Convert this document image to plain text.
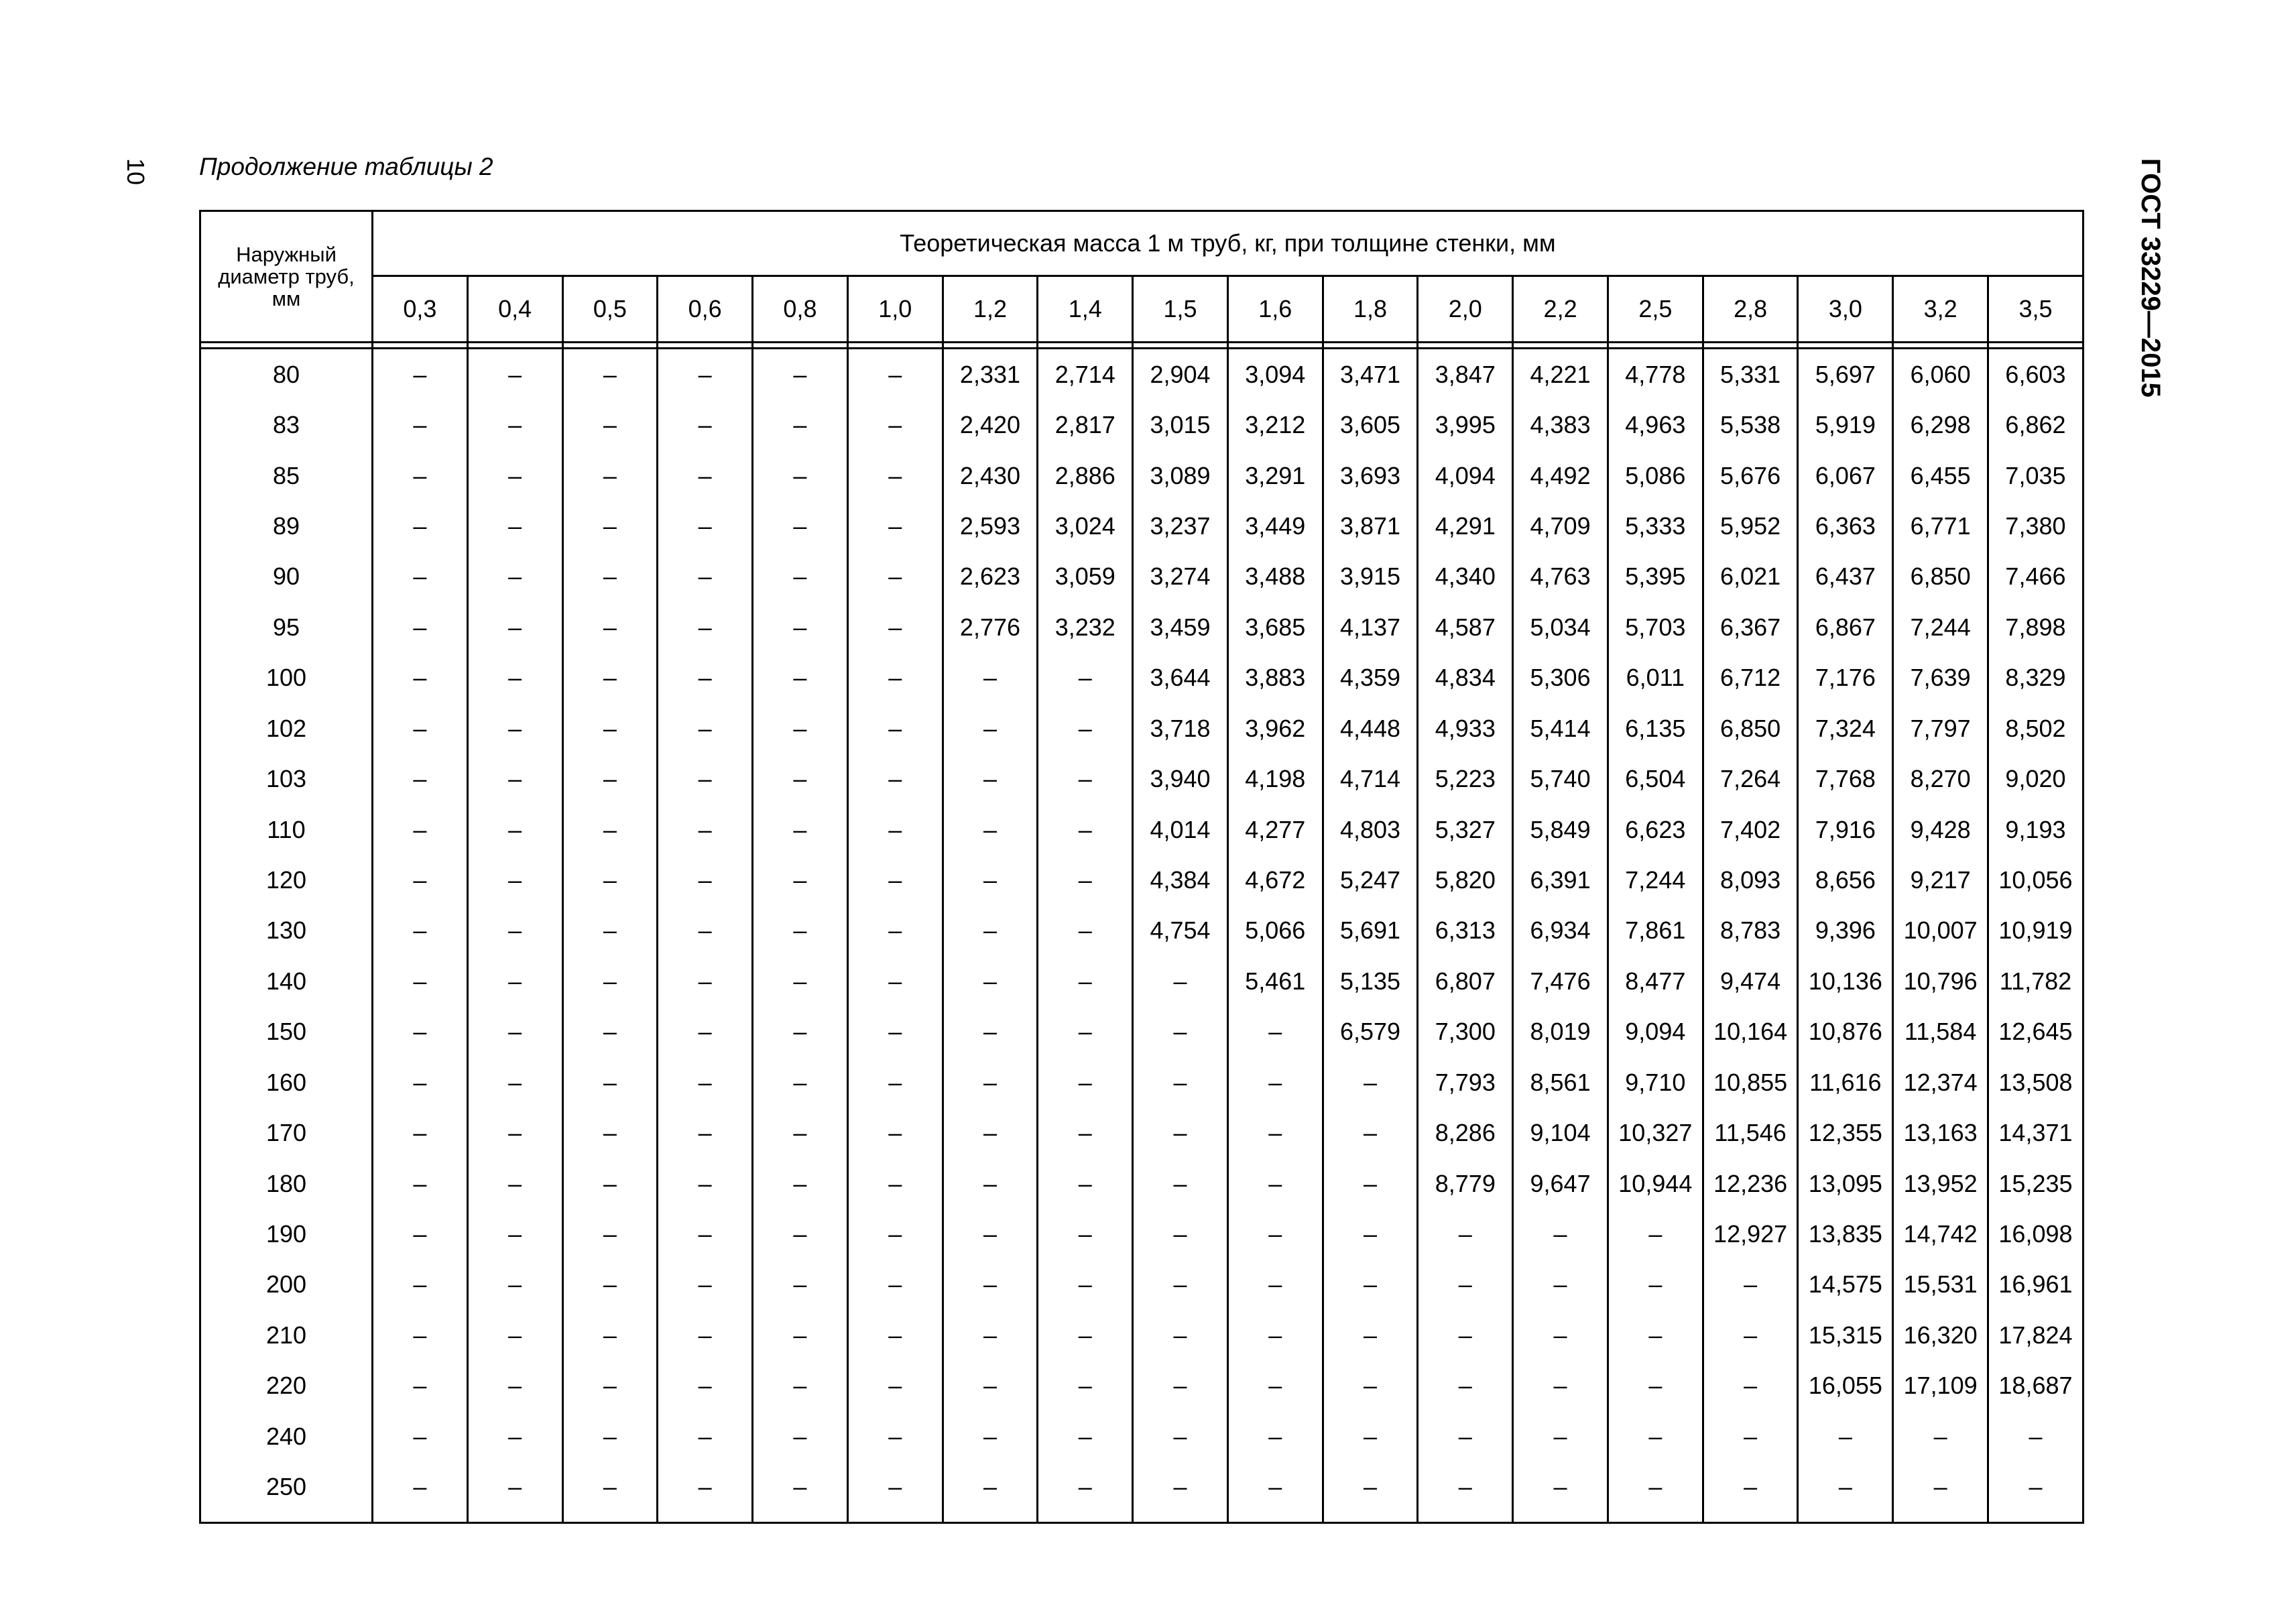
10 Продолжение таблицы 2	ГОСТ 33229—2015
Наружный диаметр труб, мм	Теоретическая масса 1 м труб, кг, при толщине стенки, мм																	
	0,3	0,4	0,5	0,6	0,8	1,0	1,2	1,4	1,5	1,6	1,8	2,0	2,2	2,5	2,8	3,0	3,2	3,5

80	–	–	–	–	–	–	2,331	2,714	2,904	3,094	3,471	3,847	4,221	4,778	5,331	5,697	6,060	6,603
83	–	–	–	–	–	–	2,420	2,817	3,015	3,212	3,605	3,995	4,383	4,963	5,538	5,919	6,298	6,862
85	–	–	–	–	–	–	2,430	2,886	3,089	3,291	3,693	4,094	4,492	5,086	5,676	6,067	6,455	7,035
89	–	–	–	–	–	–	2,593	3,024	3,237	3,449	3,871	4,291	4,709	5,333	5,952	6,363	6,771	7,380
90	–	–	–	–	–	–	2,623	3,059	3,274	3,488	3,915	4,340	4,763	5,395	6,021	6,437	6,850	7,466
95	–	–	–	–	–	–	2,776	3,232	3,459	3,685	4,137	4,587	5,034	5,703	6,367	6,867	7,244	7,898
100	–	–	–	–	–	–	–	–	3,644	3,883	4,359	4,834	5,306	6,011	6,712	7,176	7,639	8,329
102	–	–	–	–	–	–	–	–	3,718	3,962	4,448	4,933	5,414	6,135	6,850	7,324	7,797	8,502
103	–	–	–	–	–	–	–	–	3,940	4,198	4,714	5,223	5,740	6,504	7,264	7,768	8,270	9,020
110	–	–	–	–	–	–	–	–	4,014	4,277	4,803	5,327	5,849	6,623	7,402	7,916	9,428	9,193
120	–	–	–	–	–	–	–	–	4,384	4,672	5,247	5,820	6,391	7,244	8,093	8,656	9,217	10,056
130	–	–	–	–	–	–	–	–	4,754	5,066	5,691	6,313	6,934	7,861	8,783	9,396	10,007	10,919
140	–	–	–	–	–	–	–	–	–	5,461	5,135	6,807	7,476	8,477	9,474	10,136	10,796	11,782
150	–	–	–	–	–	–	–	–	–	–	6,579	7,300	8,019	9,094	10,164	10,876	11,584	12,645
160	–	–	–	–	–	–	–	–	–	–	–	7,793	8,561	9,710	10,855	11,616	12,374	13,508
170	–	–	–	–	–	–	–	–	–	–	–	8,286	9,104	10,327	11,546	12,355	13,163	14,371
180	–	–	–	–	–	–	–	–	–	–	–	8,779	9,647	10,944	12,236	13,095	13,952	15,235
190	–	–	–	–	–	–	–	–	–	–	–	–	–	–	12,927	13,835	14,742	16,098
200	–	–	–	–	–	–	–	–	–	–	–	–	–	–	–	14,575	15,531	16,961
210	–	–	–	–	–	–	–	–	–	–	–	–	–	–	–	15,315	16,320	17,824
220	–	–	–	–	–	–	–	–	–	–	–	–	–	–	–	16,055	17,109	18,687
240	–	–	–	–	–	–	–	–	–	–	–	–	–	–	–	–	–	–
250	–	–	–	–	–	–	–	–	–	–	–	–	–	–	–	–	–	–
